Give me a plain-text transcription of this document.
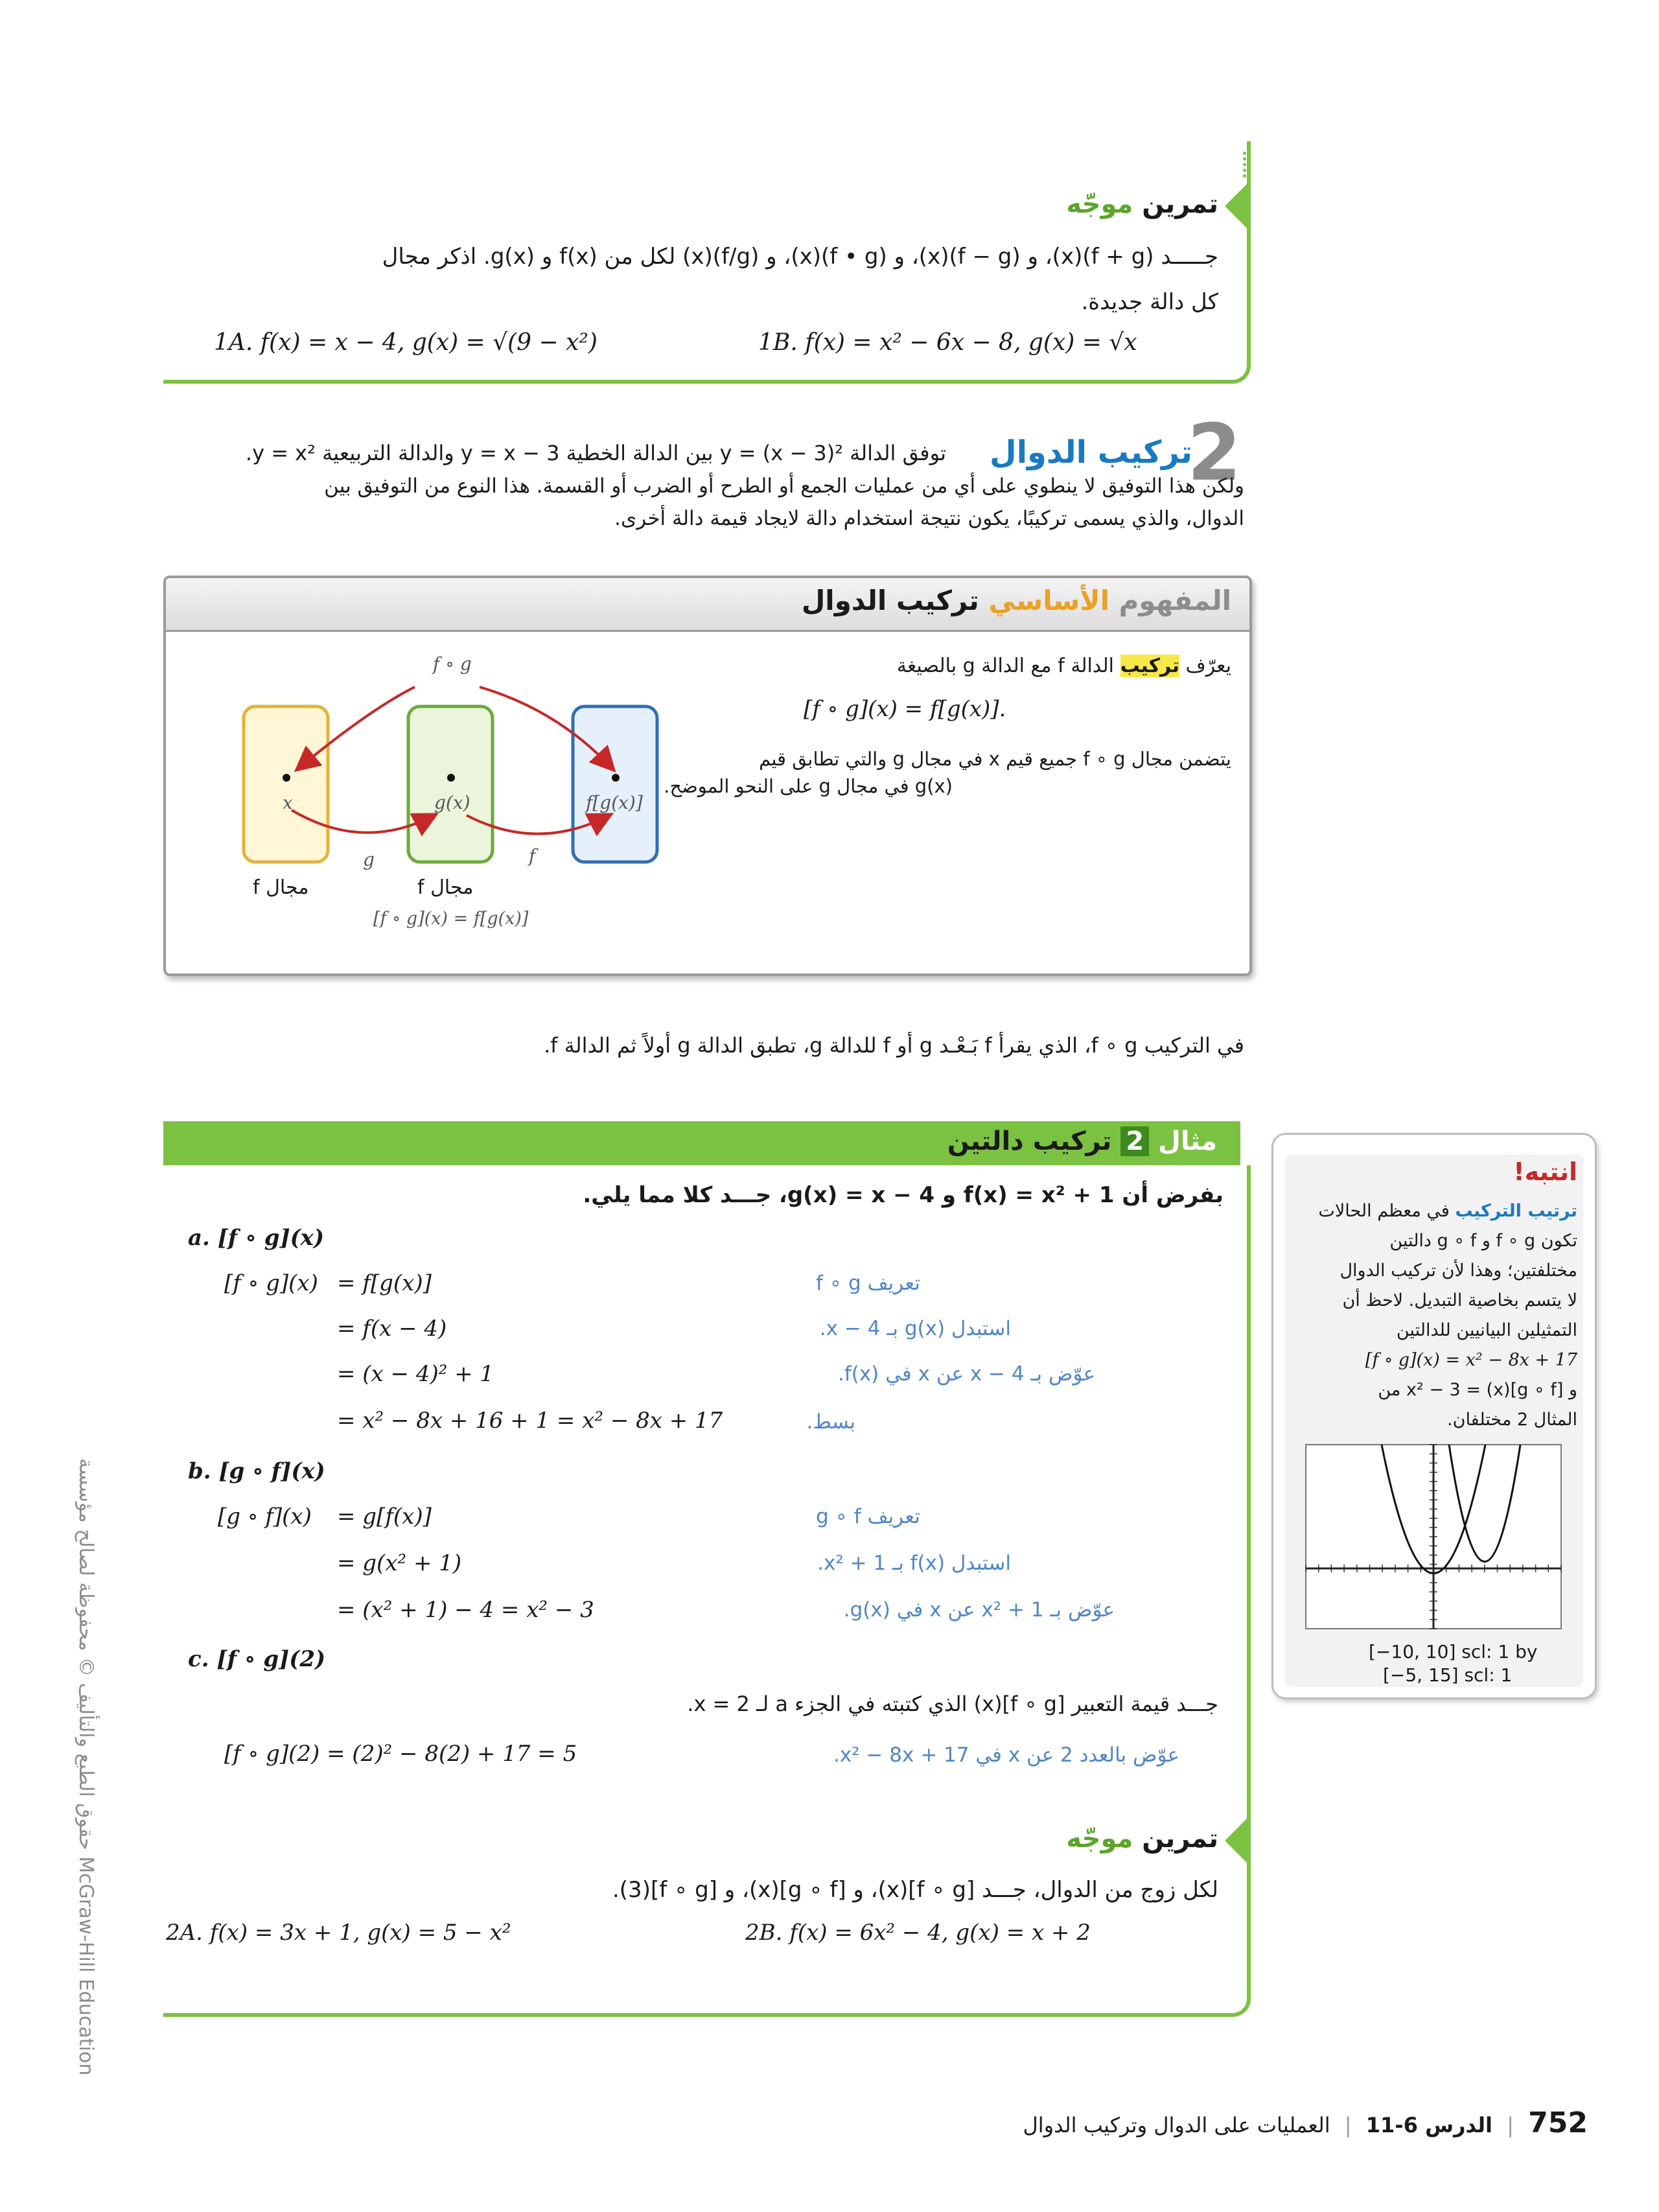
تمرين موجّه
جـــــد (f + g)(x)، و (f − g)(x)، و (f • g)(x)، و (f/g)(x) لكل من f(x) و g(x). اذكر مجال
كل دالة جديدة.
1A. f(x) = x − 4, g(x) = √(9 − x²)	1B. f(x) = x² − 6x − 8, g(x) = √x
2
تركيب الدوال
توفق الدالة y = (x − 3)² بين الدالة الخطية y = x − 3 والدالة التربيعية y = x².
ولكن هذا التوفيق لا ينطوي على أي من عمليات الجمع أو الطرح أو الضرب أو القسمة. هذا النوع من التوفيق بين
الدوال، والذي يسمى تركيبًا، يكون نتيجة استخدام دالة لايجاد قيمة دالة أخرى.
المفهوم الأساسي تركيب الدوال
يعرّف تركيب الدالة f مع الدالة g بالصيغة
[f ∘ g](x) = f[g(x)].
يتضمن مجال f ∘ g جميع قيم x في مجال g والتي تطابق قيم
g(x) في مجال g على النحو الموضح.
f ∘ g
x	g(x)	f[g(x)]
g	f
مجال f	مجال f
[f ∘ g](x) = f[g(x)]
في التركيب f ∘ g، الذي يقرأ f بَـعْـد g أو f للدالة g، تطبق الدالة g أولاً ثم الدالة f.
مثال 2 تركيب دالتين
بفرض أن f(x) = x² + 1 و g(x) = x − 4، جـــد كلا مما يلي.
a. [f ∘ g](x)
[f ∘ g](x) = f[g(x)]	تعريف f ∘ g
= f(x − 4)	استبدل g(x) بـ x − 4.
= (x − 4)² + 1	عوّض بـ x − 4 عن x في f(x).
= x² − 8x + 16 + 1 = x² − 8x + 17	بسط.
b. [g ∘ f](x)
[g ∘ f](x) = g[f(x)]	تعريف g ∘ f
= g(x² + 1)	استبدل f(x) بـ x² + 1.
= (x² + 1) − 4 = x² − 3	عوّض بـ x² + 1 عن x في g(x).
c. [f ∘ g](2)
جـــد قيمة التعبير [f ∘ g](x) الذي كتبته في الجزء a لـ x = 2.
[f ∘ g](2) = (2)² − 8(2) + 17 = 5	عوّض بالعدد 2 عن x في x² − 8x + 17.
تمرين موجّه
لكل زوج من الدوال، جـــد [f ∘ g](x)، و [g ∘ f](x)، و [f ∘ g](3).
2A. f(x) = 3x + 1, g(x) = 5 − x²	2B. f(x) = 6x² − 4, g(x) = x + 2
انتبه!
ترتيب التركيب في معظم الحالات
تكون f ∘ g و g ∘ f دالتين
مختلفتين؛ وهذا لأن تركيب الدوال
لا يتسم بخاصية التبديل. لاحظ أن
التمثيلين البيانيين للدالتين
[f ∘ g](x) = x² − 8x + 17
و [g ∘ f](x) = x² − 3 من
المثال 2 مختلفان.
[−10, 10] scl: 1 by
[−5, 15] scl: 1
حقوق الطبع والتأليف © محفوظة لصالح مؤسسة McGraw-Hill Education
752 | الدرس 6-11 | العمليات على الدوال وتركيب الدوال
